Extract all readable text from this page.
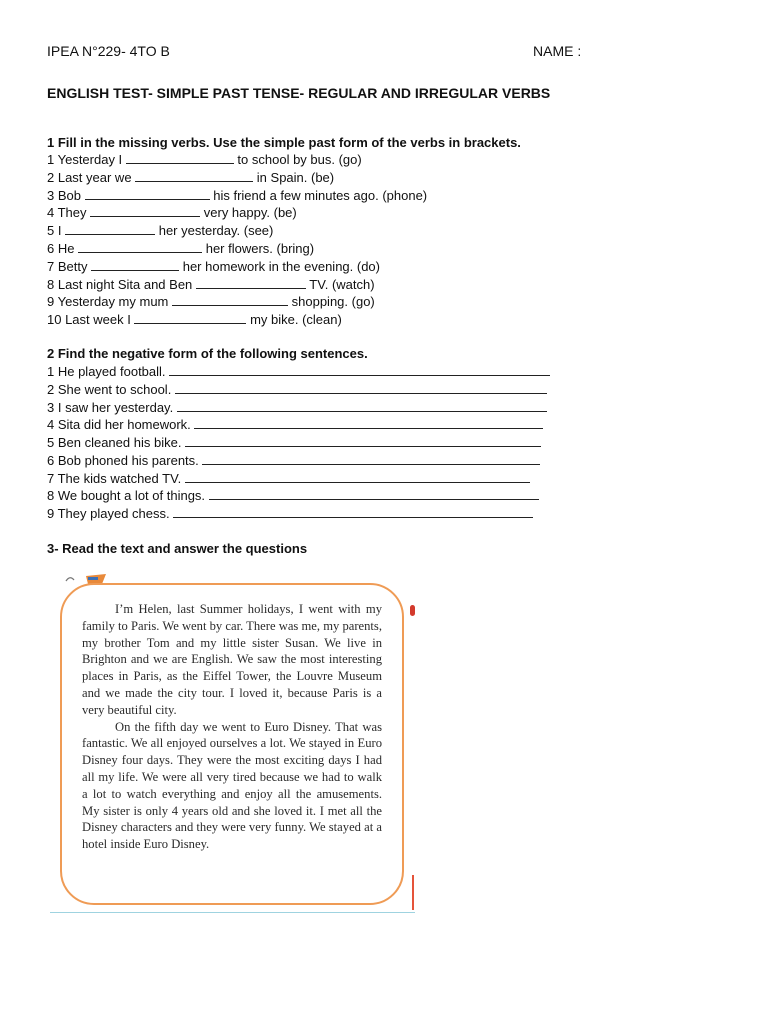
IPEA N°229- 4TO B	NAME :
ENGLISH TEST- SIMPLE PAST TENSE- REGULAR AND IRREGULAR VERBS
1 Fill in the missing verbs. Use the simple past form of the verbs in brackets.
1 Yesterday I	to school by bus. (go)
2 Last year we	in Spain. (be)
3 Bob	his friend a few minutes ago. (phone)
4 They	very happy. (be)
5 I	her yesterday. (see)
6 He	her flowers. (bring)
7 Betty	her homework in the evening. (do)
8 Last night Sita and Ben	TV. (watch)
9 Yesterday my mum	shopping. (go)
10 Last week I	my bike. (clean)
2 Find the negative form of the following sentences.
1 He played football.
2 She went to school.
3 I saw her yesterday.
4 Sita did her homework.
5 Ben cleaned his bike.
6 Bob phoned his parents.
7 The kids watched TV.
8 We bought a lot of things.
9 They played chess.
3- Read the text and answer the questions

I’m Helen, last Summer holidays, I went with my family to Paris. We went by car. There was me, my parents, my brother Tom and my little sister Susan. We live in Brighton and we are English. We saw the most interesting places in Paris, as the Eiffel Tower, the Louvre Museum and we made the city tour. I loved it, because Paris is a very beautiful city.

On the fifth day we went to Euro Disney. That was fantastic. We all enjoyed ourselves a lot. We stayed in Euro Disney four days. They were the most exciting days I had all my life. We were all very tired because we had to walk a lot to watch everything and enjoy all the amusements. My sister is only 4 years old and she loved it. I met all the Disney characters and they were very funny. We stayed at a hotel inside Euro Disney.
